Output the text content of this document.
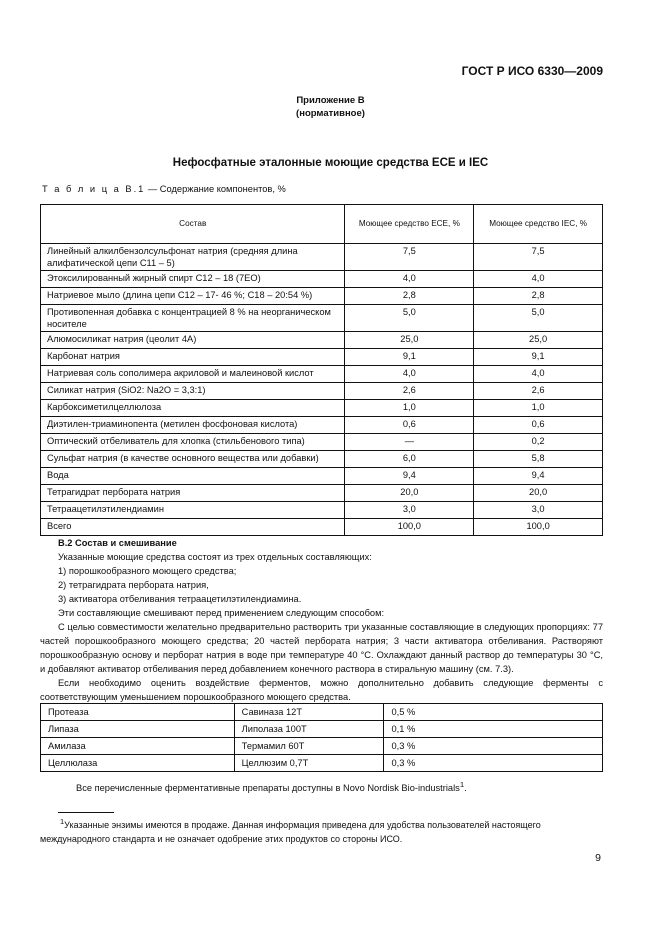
ГОСТ Р ИСО 6330—2009
Приложение В
(нормативное)
Нефосфатные эталонные моющие средства ECE и IEC
Т а б л и ц а В.1 — Содержание компонентов, %
Состав	Моющее средство ECE, %	Моющее средство IEC, %
Линейный алкилбензолсульфонат натрия (средняя длина алифатической цепи C11 – 5)	7,5	7,5
Этоксилированный жирный спирт C12 – 18 (7EO)	4,0	4,0
Натриевое мыло (длина цепи C12 – 17- 46 %; C18 – 20:54 %)	2,8	2,8
Противопенная добавка с концентрацией 8 % на неорганическом носителе	5,0	5,0
Алюмосиликат натрия (цеолит 4A)	25,0	25,0
Карбонат натрия	9,1	9,1
Натриевая соль сополимера акриловой и малеиновой кислот	4,0	4,0
Силикат натрия (SiO2: Na2O = 3,3:1)	2,6	2,6
Карбоксиметилцеллюлоза	1,0	1,0
Диэтилен-триаминопента (метилен фосфоновая кислота)	0,6	0,6
Оптический отбеливатель для хлопка (стильбенового типа)	—	0,2
Сульфат натрия (в качестве основного вещества или добавки)	6,0	5,8
Вода	9,4	9,4
Тетрагидрат пербората натрия	20,0	20,0
Тетраацетилэтилендиамин	3,0	3,0
Всего	100,0	100,0

В.2 Состав и смешивание

Указанные моющие средства состоят из трех отдельных составляющих:

1) порошкообразного моющего средства;

2) тетрагидрата пербората натрия,

3) активатора отбеливания тетраацетилэтилендиамина.

Эти составляющие смешивают перед применением следующим способом:

С целью совместимости желательно предварительно растворить три указанные составляющие в следующих пропорциях: 77 частей порошкообразного моющего средства; 20 частей пербората натрия; 3 части активатора отбеливания. Растворяют порошкообразную основу и перборат натрия в воде при температуре 40 °C. Охлаждают данный раствор до температуры 30 °C, и добавляют активатор отбеливания перед добавлением конечного раствора в стиральную машину (см. 7.3).

Если необходимо оценить воздействие ферментов, можно дополнительно добавить следующие ферменты с соответствующим уменьшением порошкообразного моющего средства.

Протеаза	Савиназа 12T	0,5 %
Липаза	Липолаза 100T	0,1 %
Амилаза	Термамил 60T	0,3 %
Целлюлаза	Целлюзим 0,7T	0,3 %
Все перечисленные ферментативные препараты доступны в Novo Nordisk Bio-industrials$^1$.
$^1$Указанные энзимы имеются в продаже. Данная информация приведена для удобства пользователей настоящего международного стандарта и не означает одобрение этих продуктов со стороны ИСО.
9
